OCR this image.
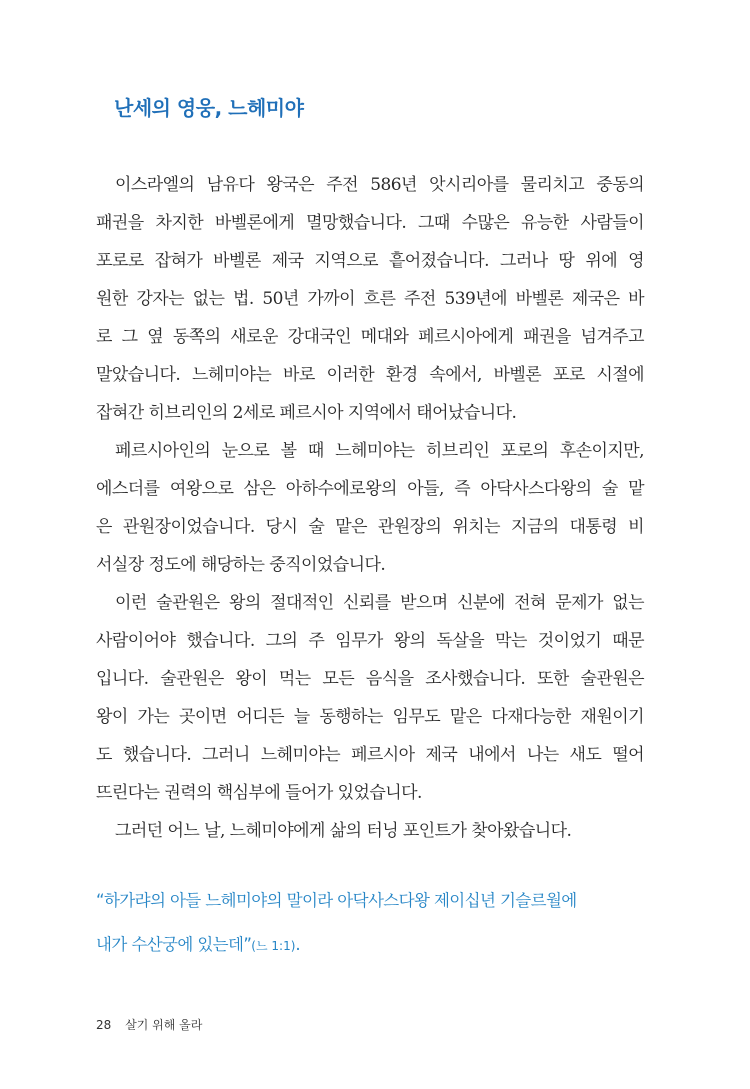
난세의 영웅, 느헤미야
이스라엘의 남유다 왕국은 주전 586년 앗시리아를 물리치고 중동의
패권을 차지한 바벨론에게 멸망했습니다. 그때 수많은 유능한 사람들이
포로로 잡혀가 바벨론 제국 지역으로 흩어졌습니다. 그러나 땅 위에 영
원한 강자는 없는 법. 50년 가까이 흐른 주전 539년에 바벨론 제국은 바
로 그 옆 동쪽의 새로운 강대국인 메대와 페르시아에게 패권을 넘겨주고
말았습니다. 느헤미야는 바로 이러한 환경 속에서, 바벨론 포로 시절에
잡혀간 히브리인의 2세로 페르시아 지역에서 태어났습니다.
페르시아인의 눈으로 볼 때 느헤미야는 히브리인 포로의 후손이지만,
에스더를 여왕으로 삼은 아하수에로왕의 아들, 즉 아닥사스다왕의 술 맡
은 관원장이었습니다. 당시 술 맡은 관원장의 위치는 지금의 대통령 비
서실장 정도에 해당하는 중직이었습니다.
이런 술관원은 왕의 절대적인 신뢰를 받으며 신분에 전혀 문제가 없는
사람이어야 했습니다. 그의 주 임무가 왕의 독살을 막는 것이었기 때문
입니다. 술관원은 왕이 먹는 모든 음식을 조사했습니다. 또한 술관원은
왕이 가는 곳이면 어디든 늘 동행하는 임무도 맡은 다재다능한 재원이기
도 했습니다. 그러니 느헤미야는 페르시아 제국 내에서 나는 새도 떨어
뜨린다는 권력의 핵심부에 들어가 있었습니다.
그러던 어느 날, 느헤미야에게 삶의 터닝 포인트가 찾아왔습니다.
“하가랴의 아들 느헤미야의 말이라 아닥사스다왕 제이십년 기슬르월에
내가 수산궁에 있는데”(느 1:1).
28 살기 위해 올라
